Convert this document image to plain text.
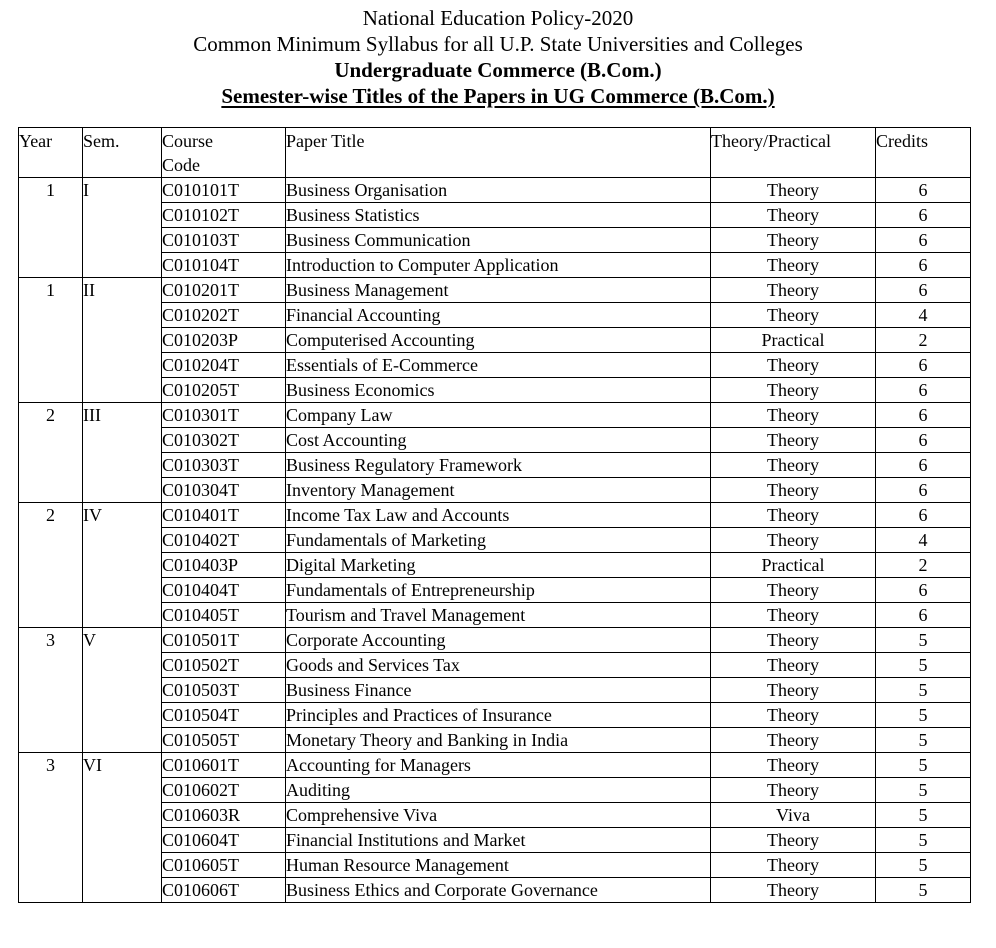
National Education Policy-2020
Common Minimum Syllabus for all U.P. State Universities and Colleges
Undergraduate Commerce (B.Com.)
Semester-wise Titles of the Papers in UG Commerce (B.Com.)
Year	Sem.	Course Code	Paper Title	Theory/Practical	Credits
1	I	C010101T	Business Organisation	Theory	6
		C010102T	Business Statistics	Theory	6
		C010103T	Business Communication	Theory	6
		C010104T	Introduction to Computer Application	Theory	6
1	II	C010201T	Business Management	Theory	6
		C010202T	Financial Accounting	Theory	4
		C010203P	Computerised Accounting	Practical	2
		C010204T	Essentials of E-Commerce	Theory	6
		C010205T	Business Economics	Theory	6
2	III	C010301T	Company Law	Theory	6
		C010302T	Cost Accounting	Theory	6
		C010303T	Business Regulatory Framework	Theory	6
		C010304T	Inventory Management	Theory	6
2	IV	C010401T	Income Tax Law and Accounts	Theory	6
		C010402T	Fundamentals of Marketing	Theory	4
		C010403P	Digital Marketing	Practical	2
		C010404T	Fundamentals of Entrepreneurship	Theory	6
		C010405T	Tourism and Travel Management	Theory	6
3	V	C010501T	Corporate Accounting	Theory	5
		C010502T	Goods and Services Tax	Theory	5
		C010503T	Business Finance	Theory	5
		C010504T	Principles and Practices of Insurance	Theory	5
		C010505T	Monetary Theory and Banking in India	Theory	5
3	VI	C010601T	Accounting for Managers	Theory	5
		C010602T	Auditing	Theory	5
		C010603R	Comprehensive Viva	Viva	5
		C010604T	Financial Institutions and Market	Theory	5
		C010605T	Human Resource Management	Theory	5
		C010606T	Business Ethics and Corporate Governance	Theory	5
